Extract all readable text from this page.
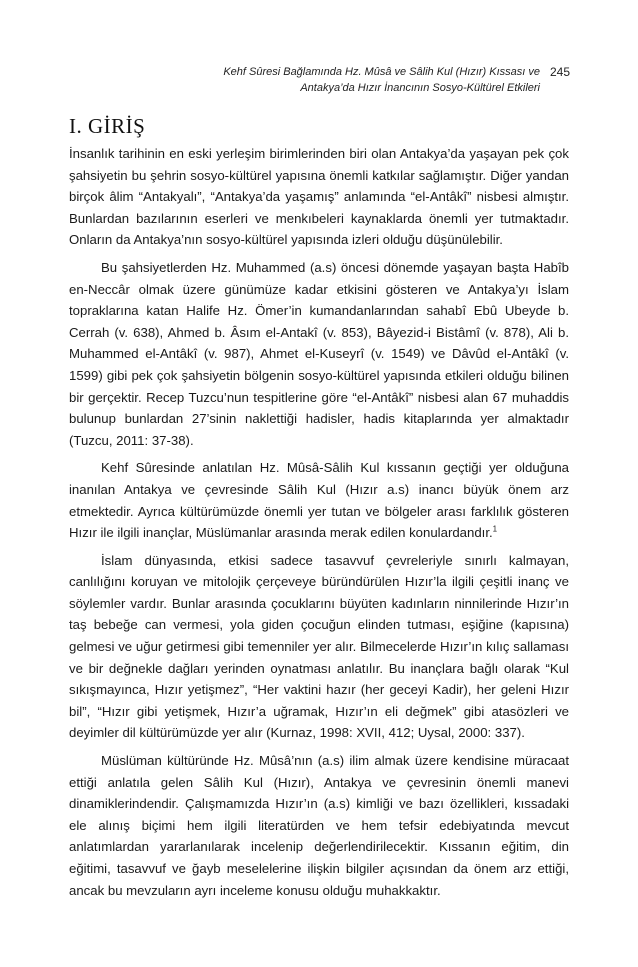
Kehf Sûresi Bağlamında Hz. Mûsâ ve Sâlih Kul (Hızır) Kıssası ve 245
Antakya’da Hızır İnancının Sosyo-Kültürel Etkileri
I. GİRİŞ

İnsanlık tarihinin en eski yerleşim birimlerinden biri olan Antakya’da yaşayan pek çok şahsiyetin bu şehrin sosyo-kültürel yapısına önemli katkılar sağlamıştır. Diğer yandan birçok âlim “Antakyalı”, “Antakya’da yaşamış” anlamında “el-Antâkî” nisbesi almıştır. Bunlardan bazılarının eserleri ve menkıbeleri kaynaklarda önemli yer tutmaktadır. Onların da Antakya’nın sosyo-kültürel yapısında izleri olduğu düşünülebilir.

Bu şahsiyetlerden Hz. Muhammed (a.s) öncesi dönemde yaşayan başta Habîb en-Neccâr olmak üzere günümüze kadar etkisini gösteren ve Antakya’yı İslam topraklarına katan Halife Hz. Ömer’in kumandanlarından sahabî Ebû Ubeyde b. Cerrah (v. 638), Ahmed b. Âsım el-Antakî (v. 853), Bâyezid-i Bistâmî (v. 878), Ali b. Muhammed el-Antâkî (v. 987), Ahmet el-Kuseyrî (v. 1549) ve Dâvûd el-Antâkî (v. 1599) gibi pek çok şahsiyetin bölgenin sosyo-kültürel yapısında etkileri olduğu bilinen bir gerçektir. Recep Tuzcu’nun tespitlerine göre “el-Antâkî” nisbesi alan 67 muhaddis bulunup bunlardan 27’sinin naklettiği hadisler, hadis kitaplarında yer almaktadır (Tuzcu, 2011: 37-38).

Kehf Sûresinde anlatılan Hz. Mûsâ-Sâlih Kul kıssanın geçtiği yer olduğuna inanılan Antakya ve çevresinde Sâlih Kul (Hızır a.s) inancı büyük önem arz etmektedir. Ayrıca kültürümüzde önemli yer tutan ve bölgeler arası farklılık gösteren Hızır ile ilgili inançlar, Müslümanlar arasında merak edilen konulardandır.$^1$

İslam dünyasında, etkisi sadece tasavvuf çevreleriyle sınırlı kalmayan, canlılığını koruyan ve mitolojik çerçeveye büründürülen Hızır’la ilgili çeşitli inanç ve söylemler vardır. Bunlar arasında çocuklarını büyüten kadınların ninnilerinde Hızır’ın taş bebeğe can vermesi, yola giden çocuğun elinden tutması, eşiğine (kapısına) gelmesi ve uğur getirmesi gibi temenniler yer alır. Bilmecelerde Hızır’ın kılıç sallaması ve bir değnekle dağları yerinden oynatması anlatılır. Bu inançlara bağlı olarak “Kul sıkışmayınca, Hızır yetişmez”, “Her vaktini hazır (her geceyi Kadir), her geleni Hızır bil”, “Hızır gibi yetişmek, Hızır’a uğramak, Hızır’ın eli değmek” gibi atasözleri ve deyimler dil kültürümüzde yer alır (Kurnaz, 1998: XVII, 412; Uysal, 2000: 337).

Müslüman kültüründe Hz. Mûsâ’nın (a.s) ilim almak üzere kendisine müracaat ettiği anlatıla gelen Sâlih Kul (Hızır), Antakya ve çevresinin önemli manevi dinamiklerindendir. Çalışmamızda Hızır’ın (a.s) kimliği ve bazı özellikleri, kıssadaki ele alınış biçimi hem ilgili literatürden ve hem tefsir edebiyatında mevcut anlatımlardan yararlanılarak incelenip değerlendirilecektir. Kıssanın eğitim, din eğitimi, tasavvuf ve ğayb meselelerine ilişkin bilgiler açısından da önem arz ettiği, ancak bu mevzuların ayrı inceleme konusu olduğu muhakkaktır.
